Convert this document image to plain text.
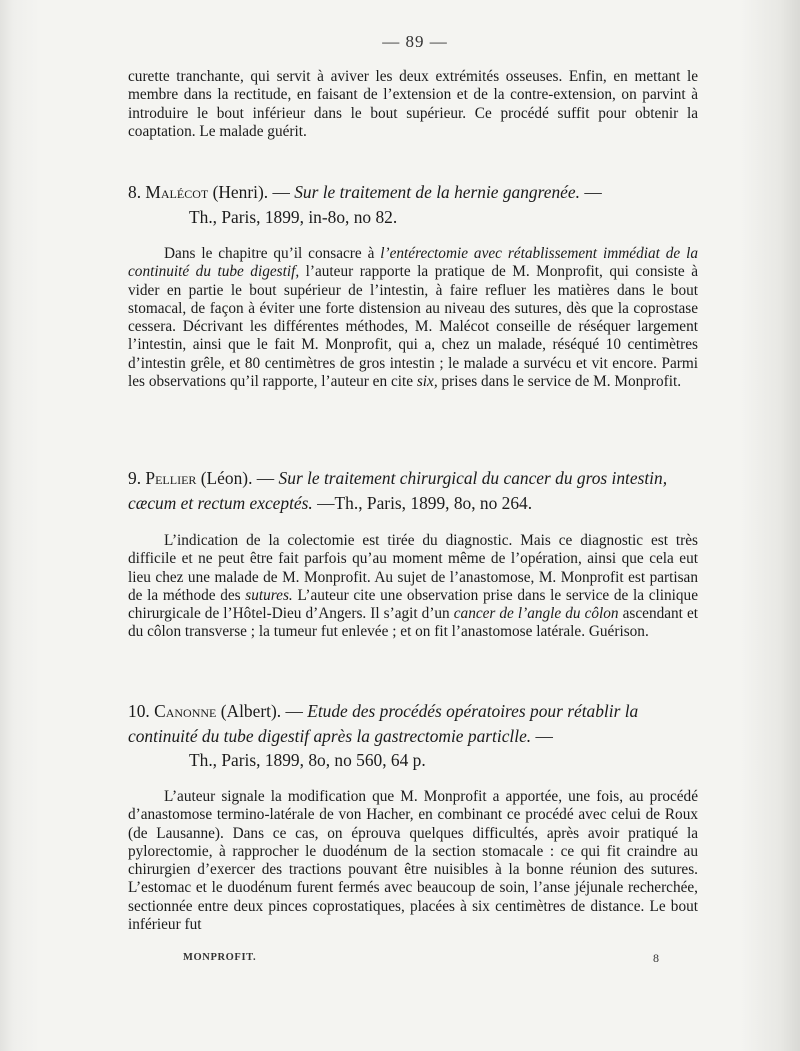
— 89 —
curette tranchante, qui servit à aviver les deux extrémités osseuses. Enfin, en mettant le membre dans la rectitude, en faisant de l’extension et de la contre-extension, on parvint à introduire le bout inférieur dans le bout supérieur. Ce procédé suffit pour obtenir la coaptation. Le malade guérit.
8. Malécot (Henri). — Sur le traitement de la hernie gangrenée. —
Th., Paris, 1899, in-8o, no 82.
Dans le chapitre qu’il consacre à l’entérectomie avec rétablissement immédiat de la continuité du tube digestif, l’auteur rapporte la pratique de M. Monprofit, qui consiste à vider en partie le bout supérieur de l’intestin, à faire refluer les matières dans le bout stomacal, de façon à éviter une forte distension au niveau des sutures, dès que la coprostase cessera. Décrivant les différentes méthodes, M. Malécot conseille de réséquer largement l’intestin, ainsi que le fait M. Monprofit, qui a, chez un malade, réséqué 10 centimètres d’intestin grêle, et 80 centimètres de gros intestin ; le malade a survécu et vit encore. Parmi les observations qu’il rapporte, l’auteur en cite six, prises dans le service de M. Monprofit.
9. Pellier (Léon). — Sur le traitement chirurgical du cancer du gros intestin, cæcum et rectum exceptés. —Th., Paris, 1899, 8o, no 264.
L’indication de la colectomie est tirée du diagnostic. Mais ce diagnostic est très difficile et ne peut être fait parfois qu’au moment même de l’opération, ainsi que cela eut lieu chez une malade de M. Monprofit. Au sujet de l’anastomose, M. Monprofit est partisan de la méthode des sutures. L’auteur cite une observation prise dans le service de la clinique chirurgicale de l’Hôtel-Dieu d’Angers. Il s’agit d’un cancer de l’angle du côlon ascendant et du côlon transverse ; la tumeur fut enlevée ; et on fit l’anastomose latérale. Guérison.
10. Canonne (Albert). — Etude des procédés opératoires pour rétablir la continuité du tube digestif après la gastrectomie particlle. —
Th., Paris, 1899, 8o, no 560, 64 p.
L’auteur signale la modification que M. Monprofit a apportée, une fois, au procédé d’anastomose termino-latérale de von Hacher, en combinant ce procédé avec celui de Roux (de Lausanne). Dans ce cas, on éprouva quelques difficultés, après avoir pratiqué la pylorectomie, à rapprocher le duodénum de la section stomacale : ce qui fit craindre au chirurgien d’exercer des tractions pouvant être nuisibles à la bonne réunion des sutures. L’estomac et le duodénum furent fermés avec beaucoup de soin, l’anse jéjunale recherchée, sectionnée entre deux pinces coprostatiques, placées à six centimètres de distance. Le bout inférieur fut
MONPROFIT.	8
